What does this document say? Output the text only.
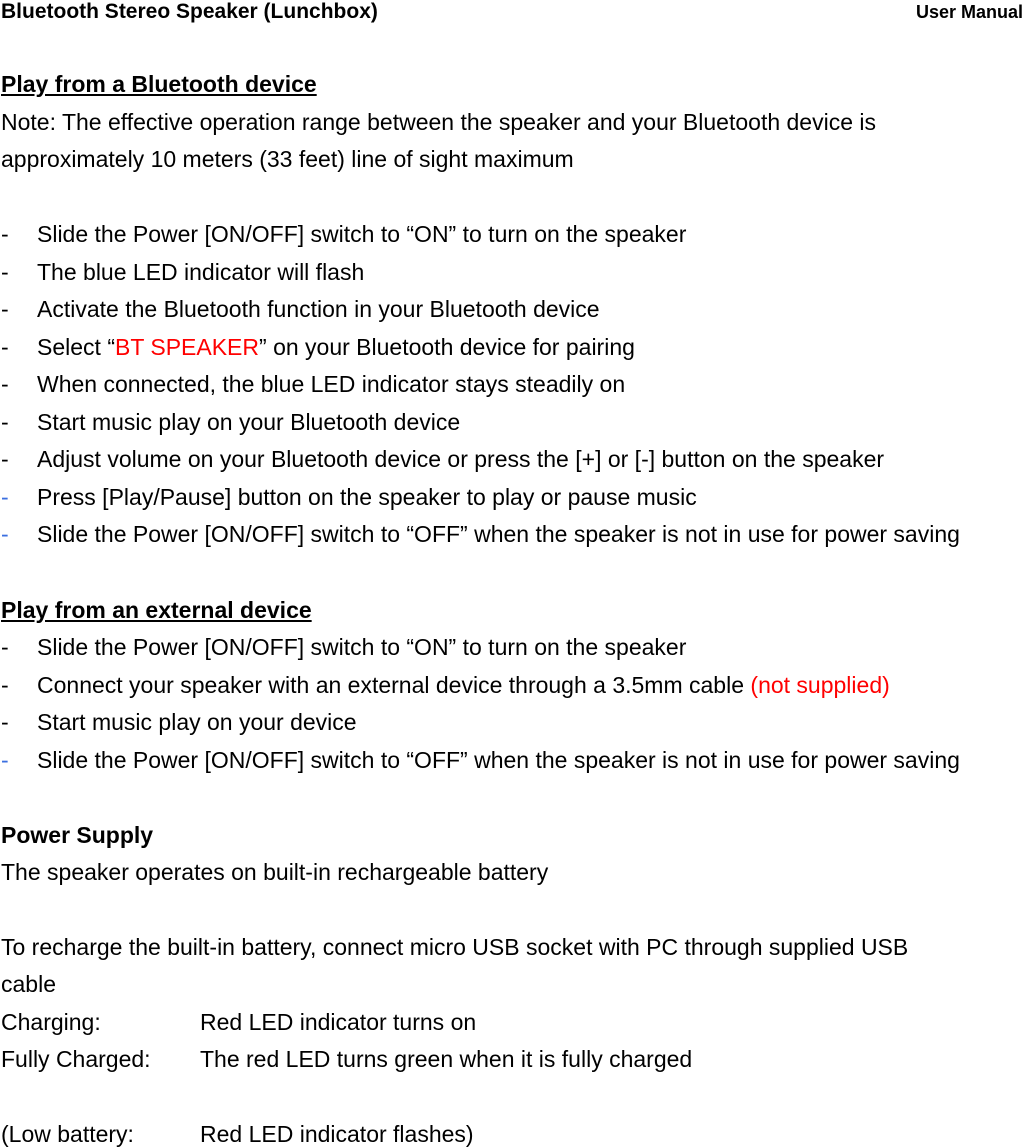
Bluetooth Stereo Speaker (Lunchbox)	User Manual
Play from a Bluetooth device
Note: The effective operation range between the speaker and your Bluetooth device is
approximately 10 meters (33 feet) line of sight maximum
- Slide the Power [ON/OFF] switch to “ON” to turn on the speaker
- The blue LED indicator will flash
- Activate the Bluetooth function in your Bluetooth device
- Select “BT SPEAKER” on your Bluetooth device for pairing
- When connected, the blue LED indicator stays steadily on
- Start music play on your Bluetooth device
- Adjust volume on your Bluetooth device or press the [+] or [-] button on the speaker
- Press [Play/Pause] button on the speaker to play or pause music
- Slide the Power [ON/OFF] switch to “OFF” when the speaker is not in use for power saving
Play from an external device
- Slide the Power [ON/OFF] switch to “ON” to turn on the speaker
- Connect your speaker with an external device through a 3.5mm cable (not supplied)
- Start music play on your device
- Slide the Power [ON/OFF] switch to “OFF” when the speaker is not in use for power saving
Power Supply
The speaker operates on built-in rechargeable battery
To recharge the built-in battery, connect micro USB socket with PC through supplied USB
cable
Charging:	Red LED indicator turns on
Fully Charged: The red LED turns green when it is fully charged
(Low battery:	Red LED indicator flashes)
